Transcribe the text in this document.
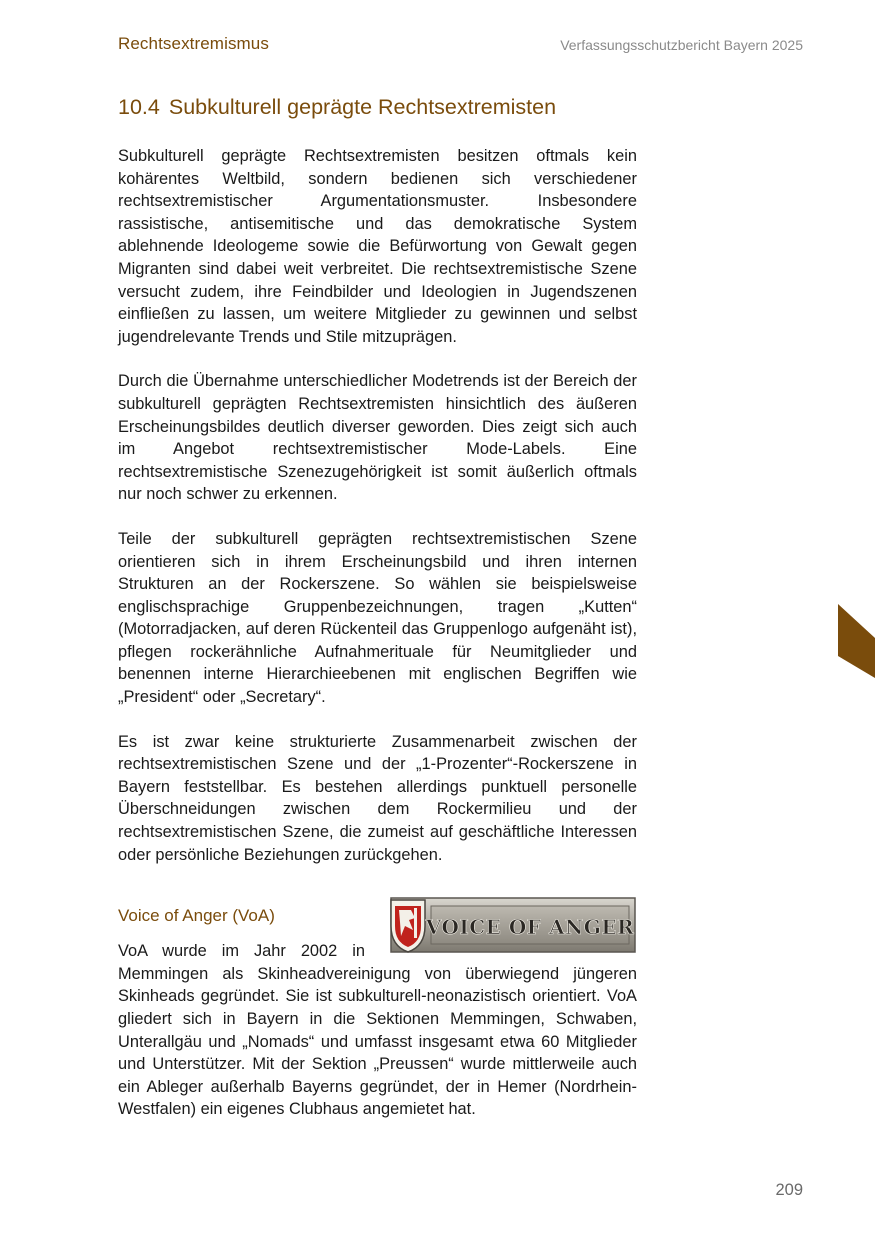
Rechtsextremismus	Verfassungsschutzbericht Bayern 2025
10.4 Subkulturell geprägte Rechtsextremisten

Subkulturell geprägte Rechtsextremisten besitzen oftmals kein kohärentes Weltbild, sondern bedienen sich verschiedener rechtsextremistischer Argumentationsmuster. Insbesondere rassistische, antisemitische und das demokratische System ablehnende Ideologeme sowie die Befürwortung von Gewalt gegen Migranten sind dabei weit verbreitet. Die rechtsextremistische Szene versucht zudem, ihre Feindbilder und Ideologien in Jugendszenen einfließen zu lassen, um weitere Mitglieder zu gewinnen und selbst jugendrelevante Trends und Stile mitzuprägen.

Durch die Übernahme unterschiedlicher Modetrends ist der Bereich der subkulturell geprägten Rechtsextremisten hinsichtlich des äußeren Erscheinungsbildes deutlich diverser geworden. Dies zeigt sich auch im Angebot rechtsextremistischer Mode-Labels. Eine rechtsextremistische Szenezugehörigkeit ist somit äußerlich oftmals nur noch schwer zu erkennen.

Teile der subkulturell geprägten rechtsextremistischen Szene orientieren sich in ihrem Erscheinungsbild und ihren internen Strukturen an der Rockerszene. So wählen sie beispielsweise englischsprachige Gruppenbezeichnungen, tragen „Kutten“ (Motorradjacken, auf deren Rückenteil das Gruppenlogo aufgenäht ist), pflegen rockerähnliche Aufnahmerituale für Neumitglieder und benennen interne Hierarchieebenen mit englischen Begriffen wie „President“ oder „Secretary“.

Es ist zwar keine strukturierte Zusammenarbeit zwischen der rechtsextremistischen Szene und der „1-Prozenter“-Rockerszene in Bayern feststellbar. Es bestehen allerdings punktuell personelle Überschneidungen zwischen dem Rockermilieu und der rechtsextremistischen Szene, die zumeist auf geschäftliche Interessen oder persönliche Beziehungen zurückgehen.

Voice of Anger (VoA)	VOICE OF ANGER

VoA wurde im Jahr 2002 in Memmingen als Skinheadvereinigung von überwiegend jüngeren Skinheads gegründet. Sie ist subkulturell-neonazistisch orientiert. VoA gliedert sich in Bayern in die Sektionen Memmingen, Schwaben, Unterallgäu und „Nomads“ und umfasst insgesamt etwa 60 Mitglieder und Unterstützer. Mit der Sektion „Preussen“ wurde mittlerweile auch ein Ableger außerhalb Bayerns gegründet, der in Hemer (Nordrhein-Westfalen) ein eigenes Clubhaus angemietet hat.

209
